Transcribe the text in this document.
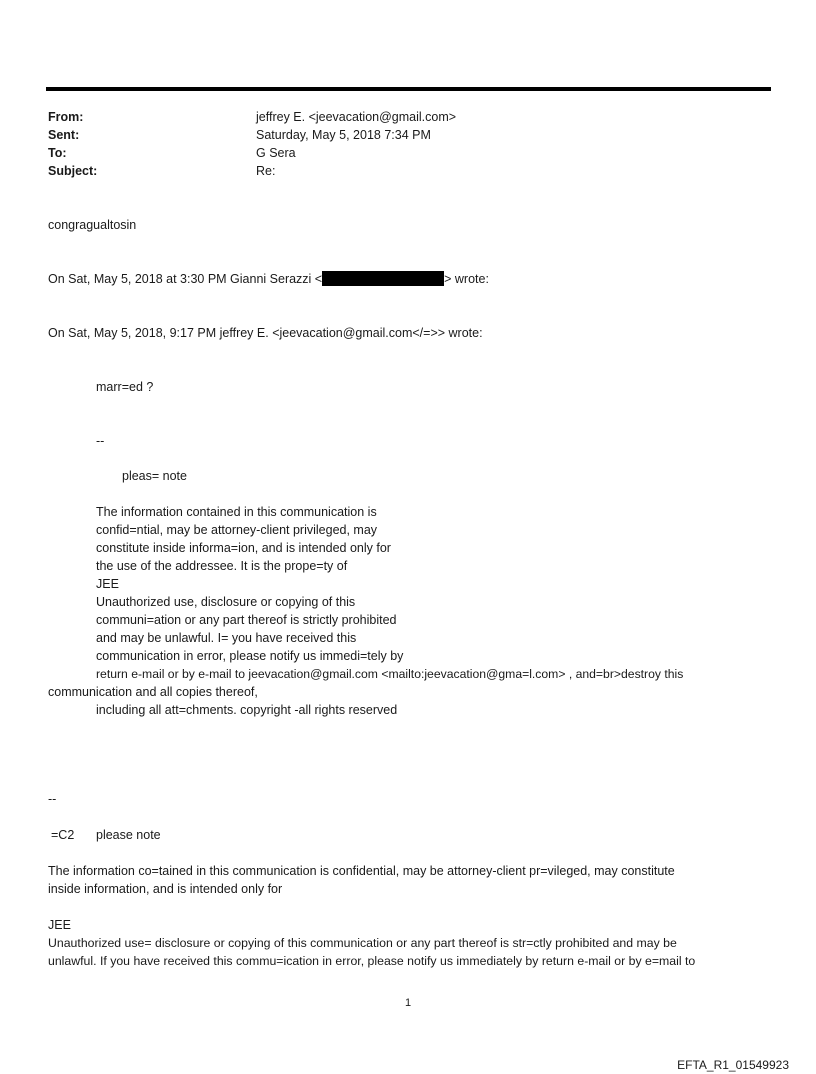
From:	jeffrey E. <jeevacation@gmail.com>
Sent:	Saturday, May 5, 2018 7:34 PM
To:	G Sera
Subject:	Re:
congragualtosin
On Sat, May 5, 2018 at 3:30 PM Gianni Serazzi <	> wrote:
On Sat, May 5, 2018, 9:17 PM jeffrey E. <jeevacation@gmail.com</=>> wrote:
marr=ed ?
--
pleas= note
The information contained in this communication is
confid=ntial, may be attorney-client privileged, may
constitute inside informa=ion, and is intended only for
the use of the addressee. It is the prope=ty of
JEE
Unauthorized use, disclosure or copying of this
communi=ation or any part thereof is strictly prohibited
and may be unlawful. I= you have received this
communication in error, please notify us immedi=tely by
return e-mail or by e-mail to jeevacation@gmail.com <mailto:jeevacation@gma=l.com> , and=br>destroy this
communication and all copies thereof,
including all att=chments. copyright -all rights reserved
--
=C2 please note
The information co=tained in this communication is confidential, may be attorney-client pr=vileged, may constitute
inside information, and is intended only for
JEE
Unauthorized use= disclosure or copying of this communication or any part thereof is str=ctly prohibited and may be
unlawful. If you have received this commu=ication in error, please notify us immediately by return e-mail or by e=mail to
1
EFTA_R1_01549923
